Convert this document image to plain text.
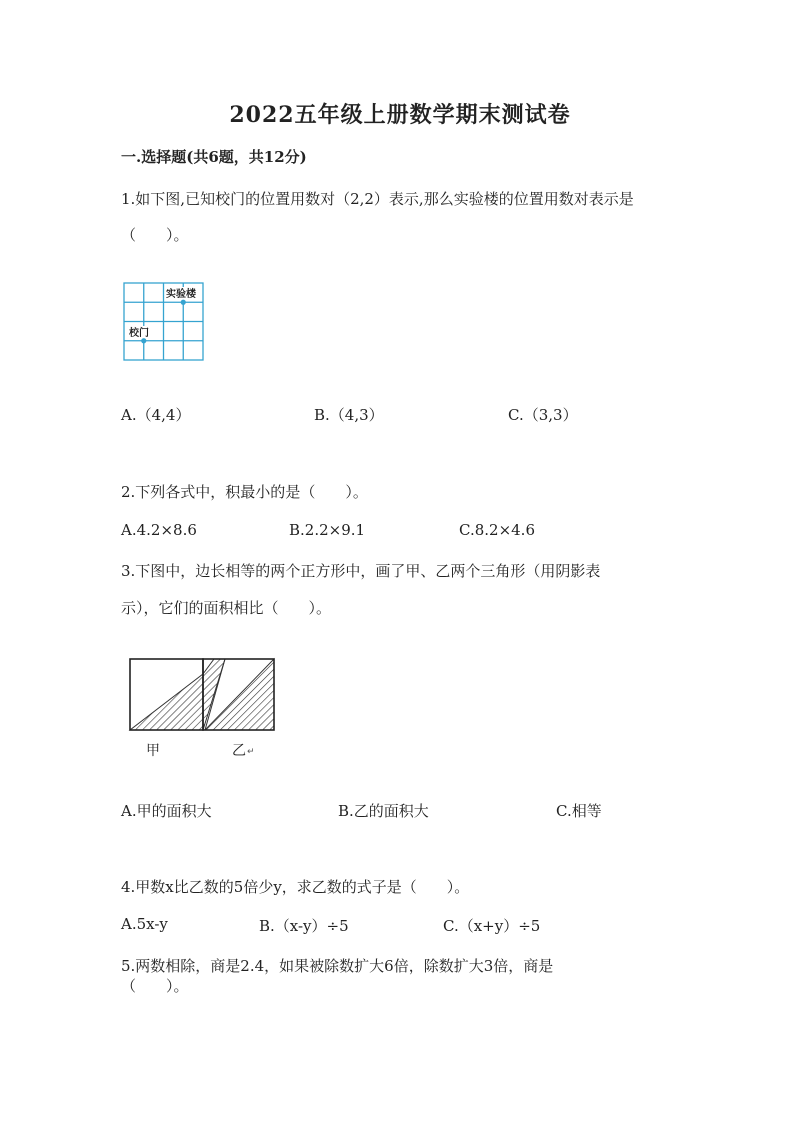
2022五年级上册数学期末测试卷
一.选择题(共6题，共12分)
1.如下图,已知校门的位置用数对（2,2）表示,那么实验楼的位置用数对表示是
（　　）。
实验楼
校门
A.（4,4）	B.（4,3）	C.（3,3）
2.下列各式中，积最小的是（　　）。
A.4.2×8.6	B.2.2×9.1	C.8.2×4.6
3.下图中，边长相等的两个正方形中，画了甲、乙两个三角形（用阴影表
示），它们的面积相比（　　）。
甲	乙 ↵
A.甲的面积大	B.乙的面积大	C.相等
4.甲数x比乙数的5倍少y，求乙数的式子是（　　）。
A.5x-y	B.（x-y）÷5	C.（x+y）÷5
5.两数相除，商是2.4，如果被除数扩大6倍，除数扩大3倍，商是
（　　）。
